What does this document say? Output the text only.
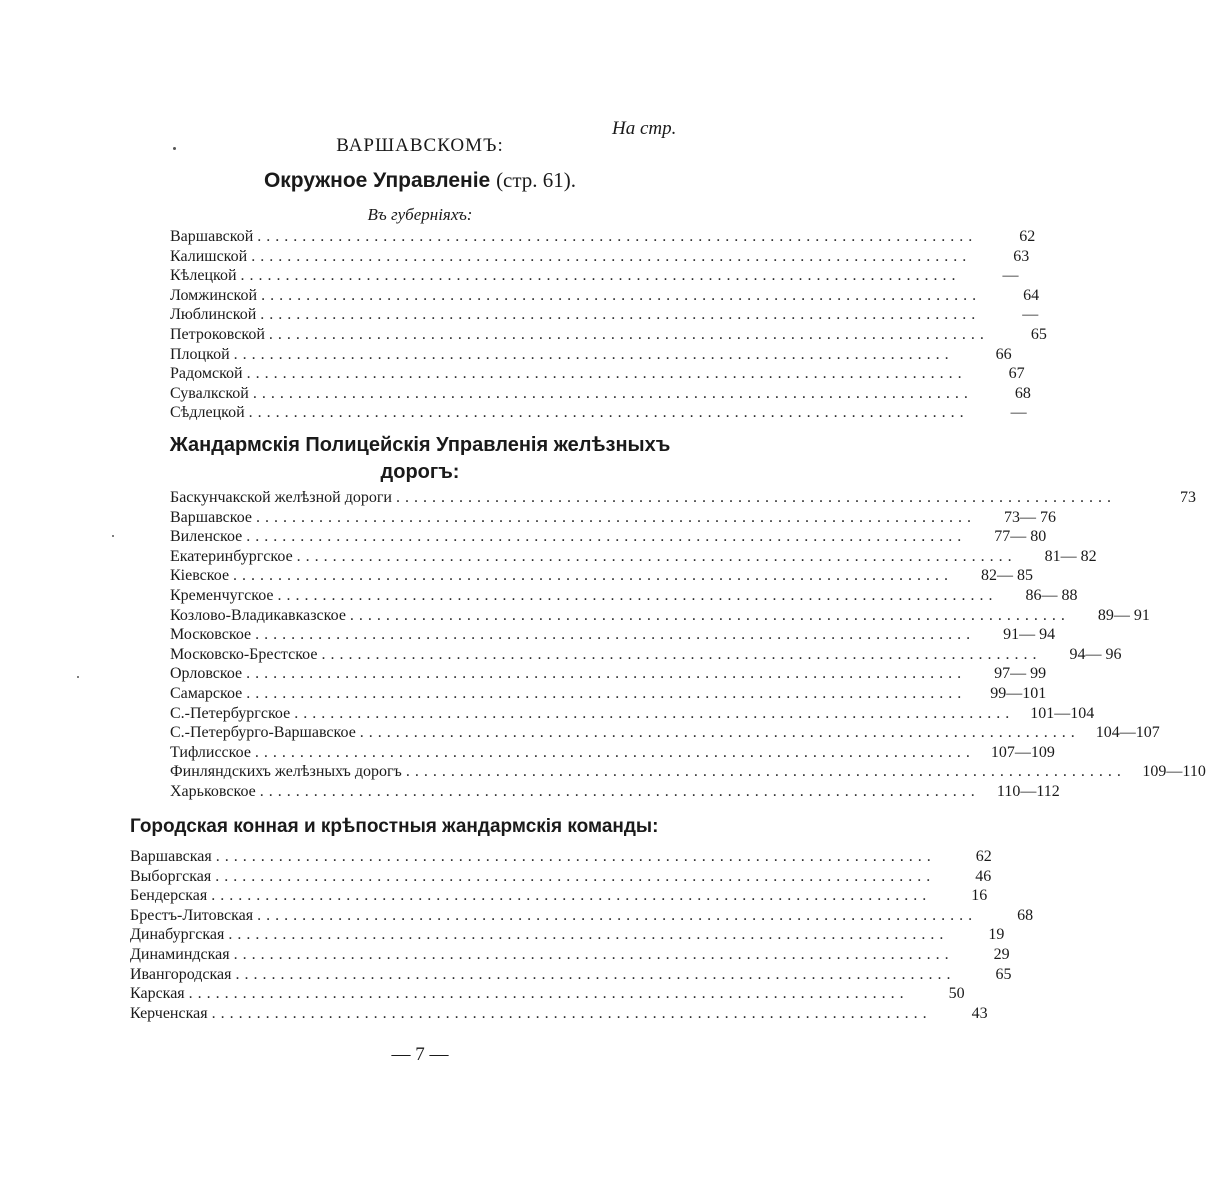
На стр.
ВАРШАВСКОМЪ:
Окружное Управленіе (стр. 61).
Въ губерніяхъ:
Варшавской ................................................................................	62
Калишской ................................................................................	63
Кѣлецкой ................................................................................	—
Ломжинской ................................................................................	64
Люблинской ................................................................................	—
Петроковской ................................................................................	65
Плоцкой ................................................................................	66
Радомской ................................................................................	67
Сувалкской ................................................................................	68
Сѣдлецкой ................................................................................	—
Жандармскія Полицейскія Управленія желѣзныхъ
дорогъ:
Баскунчакской желѣзной дороги ................................................................................	73
Варшавское ................................................................................	73— 76
Виленское ................................................................................	77— 80
Екатеринбургское ................................................................................	81— 82
Кіевское ................................................................................	82— 85
Кременчугское ................................................................................	86— 88
Козлово-Владикавказское ................................................................................	89— 91
Московское ................................................................................	91— 94
Московско-Брестское ................................................................................	94— 96
Орловское ................................................................................	97— 99
Самарское ................................................................................	99—101
С.-Петербургское ................................................................................	101—104
С.-Петербурго-Варшавское ................................................................................	104—107
Тифлисское ................................................................................	107—109
Финляндскихъ желѣзныхъ дорогъ ................................................................................	109—110
Харьковское ................................................................................	110—112
Городская конная и крѣпостныя жандармскія команды:
Варшавская ................................................................................	62
Выборгская ................................................................................	46
Бендерская ................................................................................	16
Брестъ-Литовская ................................................................................	68
Динабургская ................................................................................	19
Динаминдская ................................................................................	29
Ивангородская ................................................................................	65
Карская ................................................................................	50
Керченская ................................................................................	43
— 7 —
